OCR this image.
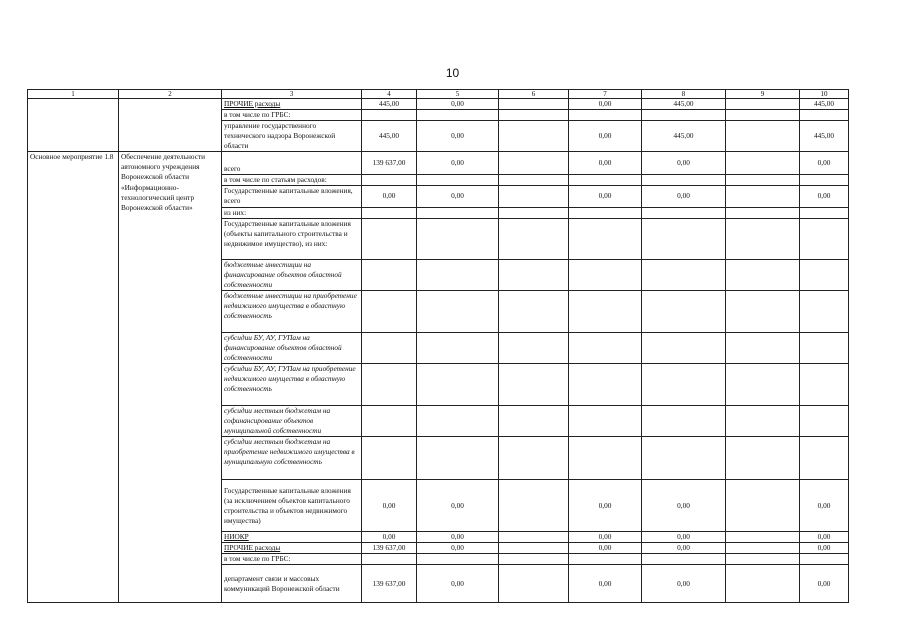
10
1	2	3	4	5	6	7	8	9	10
		ПРОЧИЕ расходы	445,00	0,00		0,00	445,00		445,00
		в том числе по ГРБС:							
		управление государственного технического надзора Воронежской области	445,00	0,00		0,00	445,00		445,00
Основное мероприятие 1.8	Обеспечение деятельности автономного учреждения Воронежской области «Информационно-технологический центр Воронежской области»	всего	139 637,00	0,00		0,00	0,00		0,00
		в том числе по статьям расходов:							
		Государственные капитальные вложения, всего	0,00	0,00		0,00	0,00		0,00
		из них:							
		Государственные капитальные вложения (объекты капитального строительства и недвижимое имущество), из них:							
		бюджетные инвестиции на финансирование объектов областной собственности							
		бюджетные инвестиции на приобретение недвижимого имущества в областную собственность							
		субсидии БУ, АУ, ГУПам на финансирование объектов областной собственности							
		субсидии БУ, АУ, ГУПам на приобретение недвижимого имущества в областную собственность							
		субсидии местным бюджетам на софинансирование объектов муниципальной собственности							
		субсидии местным бюджетам на приобретение недвижимого имущества в муниципальную собственность							
		Государственные капитальные вложения (за исключением объектов капитального строительства и объектов недвижимого имущества)	0,00	0,00		0,00	0,00		0,00
		НИОКР	0,00	0,00		0,00	0,00		0,00
		ПРОЧИЕ расходы	139 637,00	0,00		0,00	0,00		0,00
		в том числе по ГРБС:							
		департамент связи и массовых коммуникаций Воронежской области	139 637,00	0,00		0,00	0,00		0,00
